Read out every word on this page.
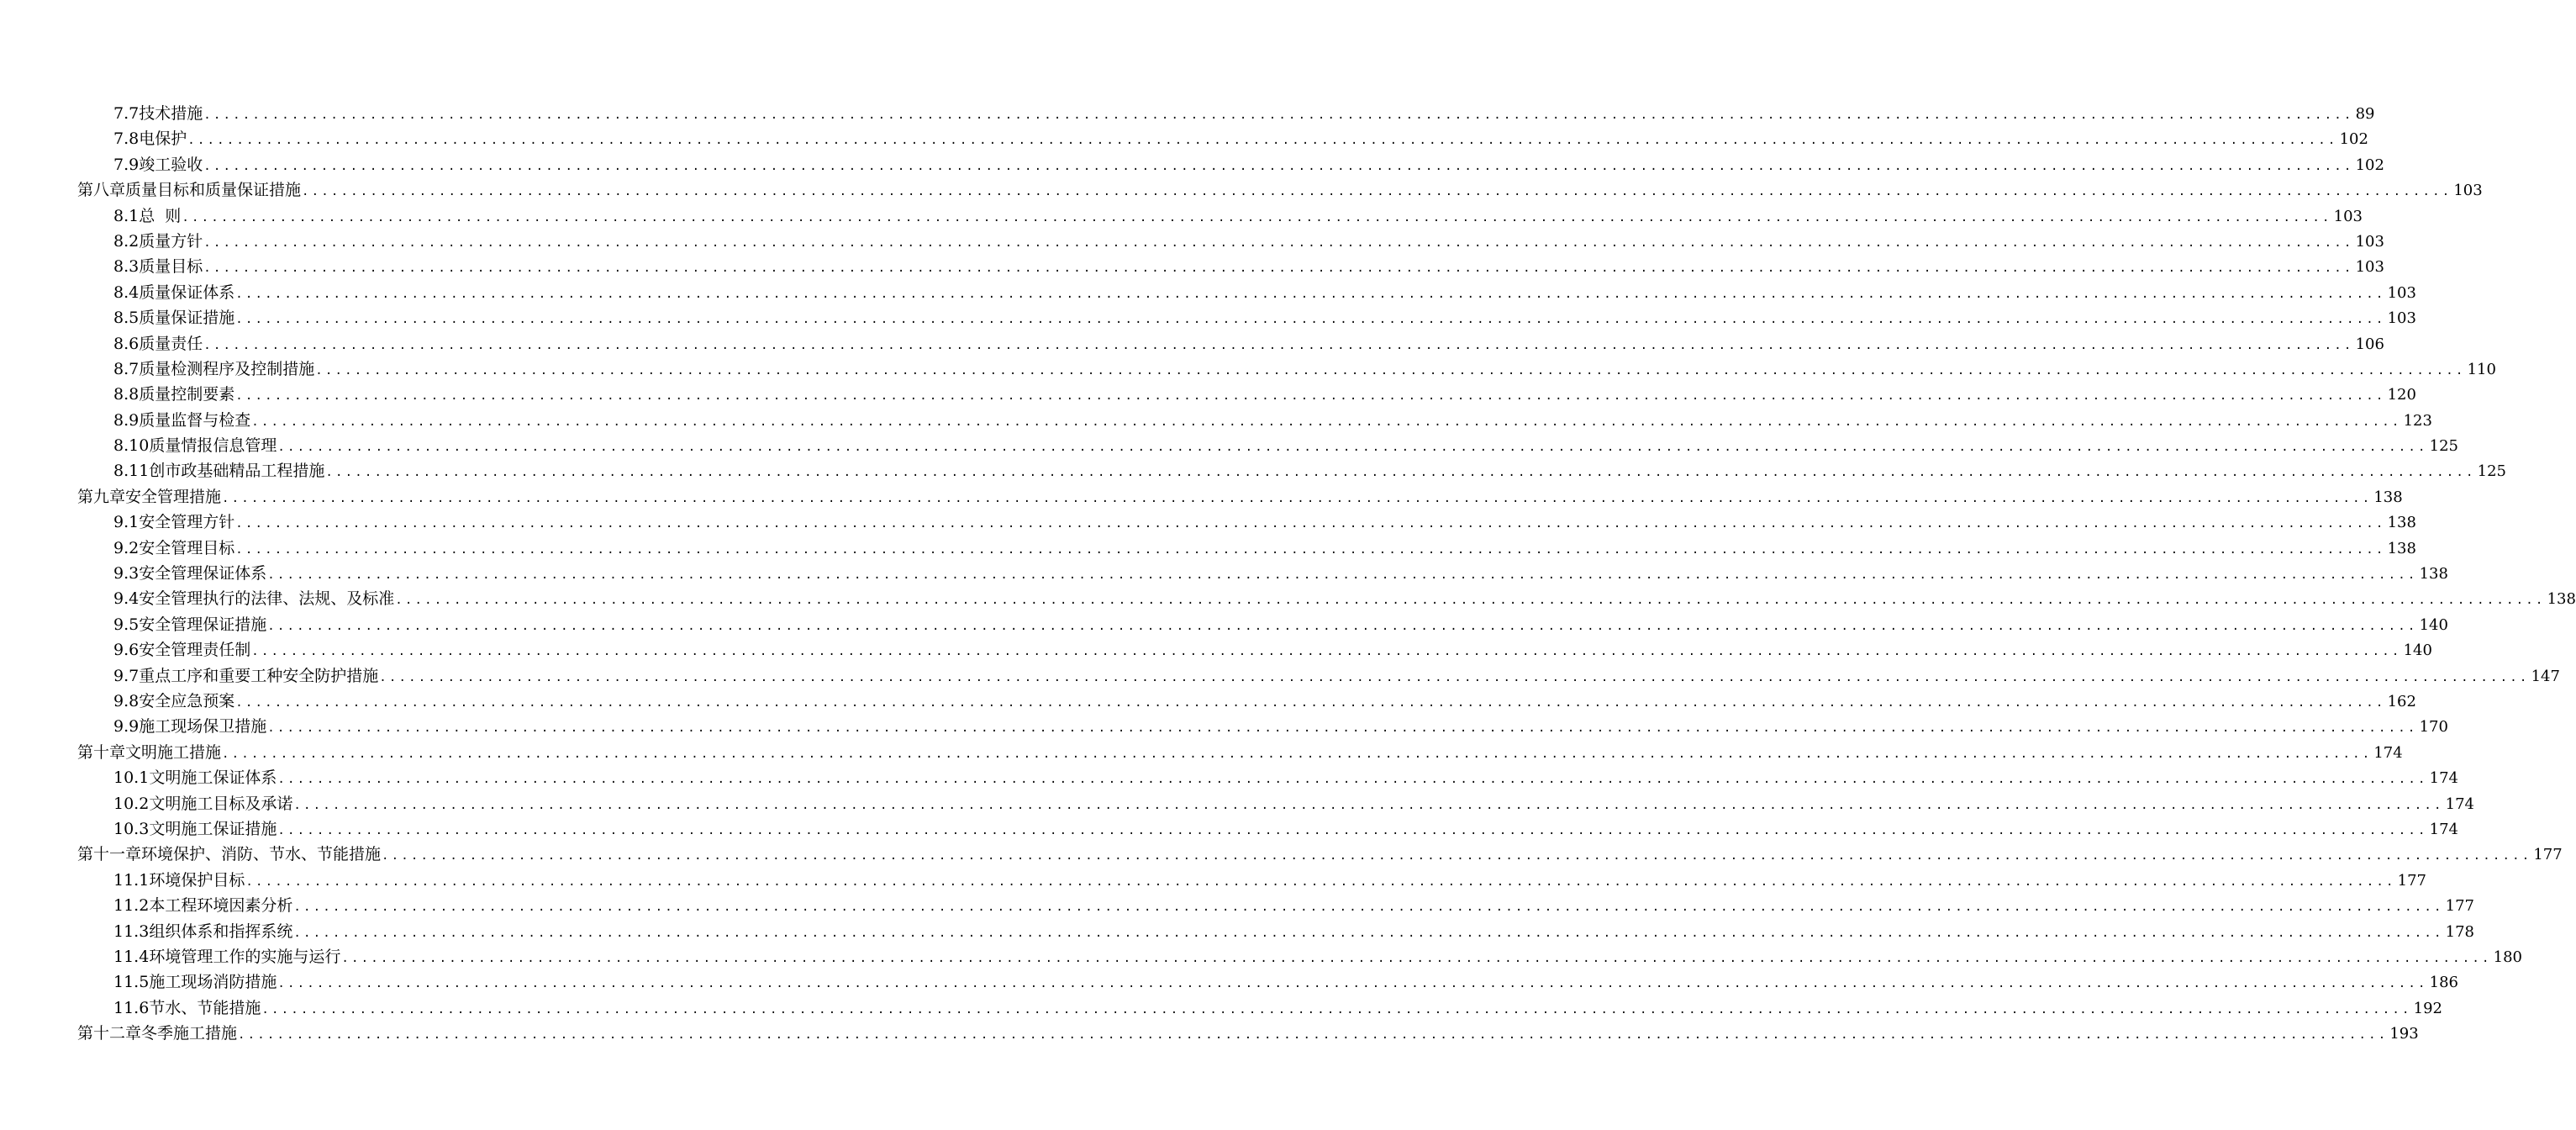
7.7 技术措施 ............................................................................................................................................................................................................................ 89
7.8 电保护 ............................................................................................................................................................................................................................ 102
7.9 竣工验收 ............................................................................................................................................................................................................................ 102
第八章 质量目标和质量保证措施 ............................................................................................................................................................................................................................ 103
8.1 总  则 ............................................................................................................................................................................................................................ 103
8.2 质量方针 ............................................................................................................................................................................................................................ 103
8.3 质量目标 ............................................................................................................................................................................................................................ 103
8.4 质量保证体系 ............................................................................................................................................................................................................................ 103
8.5 质量保证措施 ............................................................................................................................................................................................................................ 103
8.6 质量责任 ............................................................................................................................................................................................................................ 106
8.7 质量检测程序及控制措施 ............................................................................................................................................................................................................................ 110
8.8 质量控制要素 ............................................................................................................................................................................................................................ 120
8.9 质量监督与检查 ............................................................................................................................................................................................................................ 123
8.10 质量情报信息管理 ............................................................................................................................................................................................................................ 125
8.11 创市政基础精品工程措施 ............................................................................................................................................................................................................................ 125
第九章 安全管理措施 ............................................................................................................................................................................................................................ 138
9.1 安全管理方针 ............................................................................................................................................................................................................................ 138
9.2 安全管理目标 ............................................................................................................................................................................................................................ 138
9.3 安全管理保证体系 ............................................................................................................................................................................................................................ 138
9.4 安全管理执行的法律、法规、及标准 ............................................................................................................................................................................................................................ 138
9.5 安全管理保证措施 ............................................................................................................................................................................................................................ 140
9.6 安全管理责任制 ............................................................................................................................................................................................................................ 140
9.7 重点工序和重要工种安全防护措施 ............................................................................................................................................................................................................................ 147
9.8 安全应急预案 ............................................................................................................................................................................................................................ 162
9.9 施工现场保卫措施 ............................................................................................................................................................................................................................ 170
第十章 文明施工措施 ............................................................................................................................................................................................................................ 174
10.1 文明施工保证体系 ............................................................................................................................................................................................................................ 174
10.2 文明施工目标及承诺 ............................................................................................................................................................................................................................ 174
10.3 文明施工保证措施 ............................................................................................................................................................................................................................ 174
第十一章 环境保护、消防、节水、节能措施 ............................................................................................................................................................................................................................ 177
11.1 环境保护目标 ............................................................................................................................................................................................................................ 177
11.2 本工程环境因素分析 ............................................................................................................................................................................................................................ 177
11.3 组织体系和指挥系统 ............................................................................................................................................................................................................................ 178
11.4 环境管理工作的实施与运行 ............................................................................................................................................................................................................................ 180
11.5 施工现场消防措施 ............................................................................................................................................................................................................................ 186
11.6 节水、节能措施 ............................................................................................................................................................................................................................ 192
第十二章 冬季施工措施 ............................................................................................................................................................................................................................ 193
